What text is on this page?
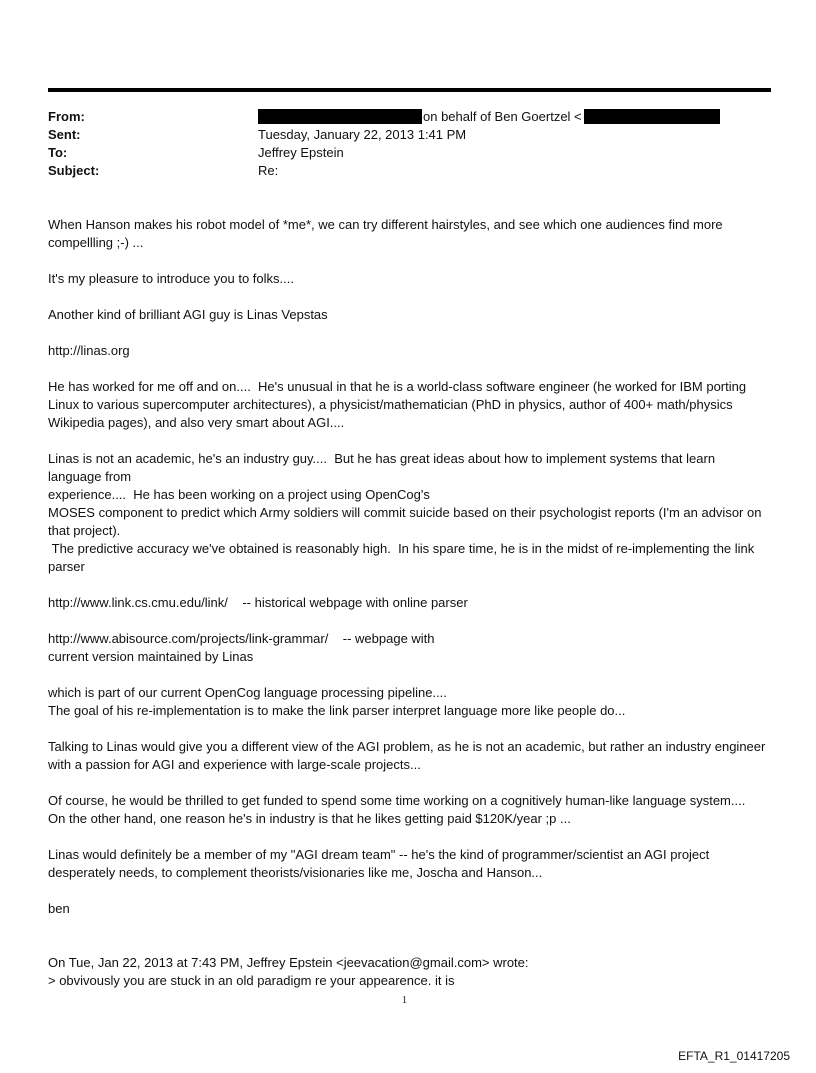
From:	on behalf of Ben Goertzel <
Sent:	Tuesday, January 22, 2013 1:41 PM
To:	Jeffrey Epstein
Subject:	Re:

When Hanson makes his robot model of *me*, we can try different hairstyles, and see which one audiences find more compellling ;-) ...

It's my pleasure to introduce you to folks....

Another kind of brilliant AGI guy is Linas Vepstas

http://linas.org

He has worked for me off and on....  He's unusual in that he is a world-class software engineer (he worked for IBM porting Linux to various supercomputer architectures), a physicist/mathematician (PhD in physics, author of 400+ math/physics Wikipedia pages), and also very smart about AGI....

Linas is not an academic, he's an industry guy....  But he has great ideas about how to implement systems that learn language from
experience....  He has been working on a project using OpenCog's
MOSES component to predict which Army soldiers will commit suicide based on their psychologist reports (I'm an advisor on that project).
The predictive accuracy we've obtained is reasonably high.  In his spare time, he is in the midst of re-implementing the link parser

http://www.link.cs.cmu.edu/link/    -- historical webpage with online parser

http://www.abisource.com/projects/link-grammar/    -- webpage with
current version maintained by Linas

which is part of our current OpenCog language processing pipeline....
The goal of his re-implementation is to make the link parser interpret language more like people do...

Talking to Linas would give you a different view of the AGI problem, as he is not an academic, but rather an industry engineer with a passion for AGI and experience with large-scale projects...

Of course, he would be thrilled to get funded to spend some time working on a cognitively human-like language system....  On the other hand, one reason he's in industry is that he likes getting paid $120K/year ;p ...

Linas would definitely be a member of my "AGI dream team" -- he's the kind of programmer/scientist an AGI project desperately needs, to complement theorists/visionaries like me, Joscha and Hanson...

ben

On Tue, Jan 22, 2013 at 7:43 PM, Jeffrey Epstein <jeevacation@gmail.com> wrote:
> obvivously you are stuck in an old paradigm re your appearence. it is
1
EFTA_R1_01417205
